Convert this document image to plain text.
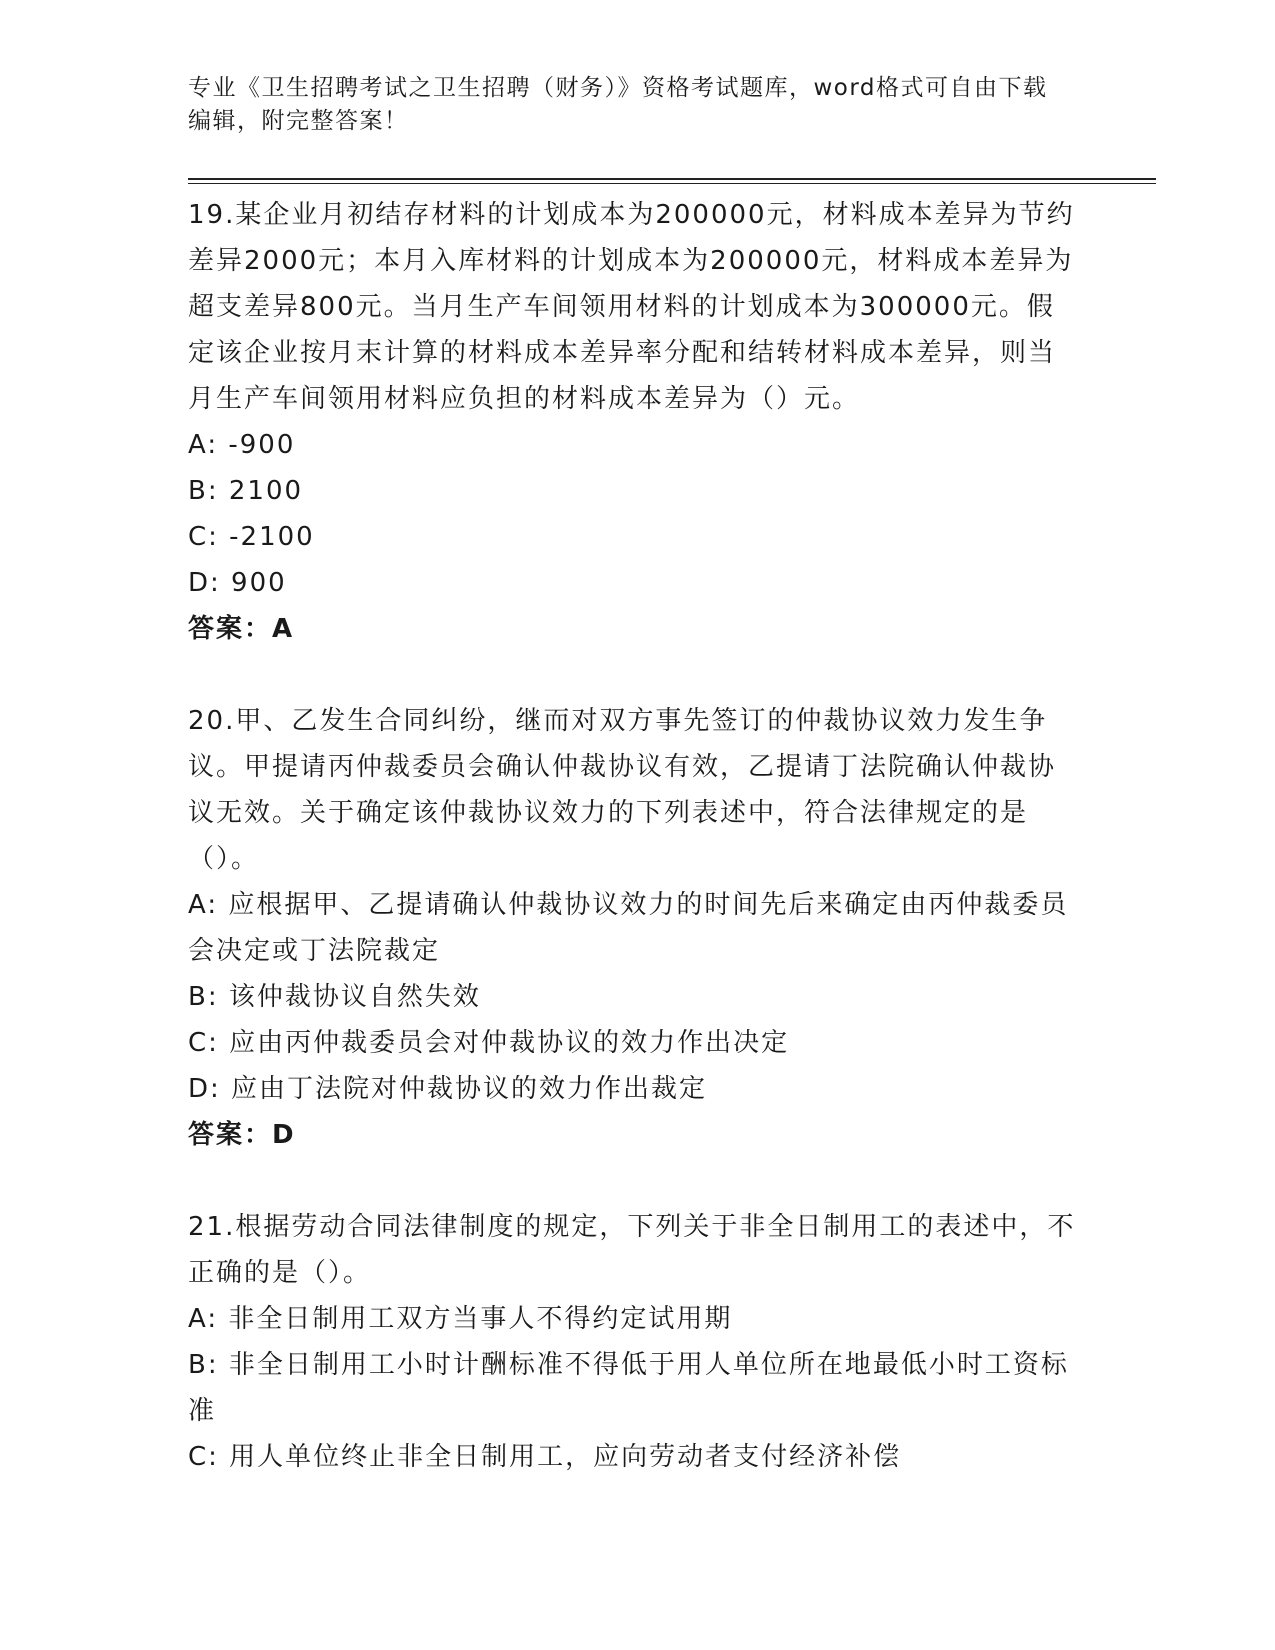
专业《卫生招聘考试之卫生招聘（财务）》资格考试题库，word格式可自由下载
编辑，附完整答案！

19.某企业月初结存材料的计划成本为200000元，材料成本差异为节约差异2000元；本月入库材料的计划成本为200000元，材料成本差异为超支差异800元。当月生产车间领用材料的计划成本为300000元。假定该企业按月末计算的材料成本差异率分配和结转材料成本差异，则当月生产车间领用材料应负担的材料成本差异为（）元。

A: -900

B: 2100

C: -2100

D: 900

答案：A

20.甲、乙发生合同纠纷，继而对双方事先签订的仲裁协议效力发生争议。甲提请丙仲裁委员会确认仲裁协议有效，乙提请丁法院确认仲裁协议无效。关于确定该仲裁协议效力的下列表述中，符合法律规定的是（）。

A: 应根据甲、乙提请确认仲裁协议效力的时间先后来确定由丙仲裁委员会决定或丁法院裁定

B: 该仲裁协议自然失效

C: 应由丙仲裁委员会对仲裁协议的效力作出决定

D: 应由丁法院对仲裁协议的效力作出裁定

答案：D

21.根据劳动合同法律制度的规定，下列关于非全日制用工的表述中，不正确的是（）。

A: 非全日制用工双方当事人不得约定试用期

B: 非全日制用工小时计酬标准不得低于用人单位所在地最低小时工资标准

C: 用人单位终止非全日制用工，应向劳动者支付经济补偿
